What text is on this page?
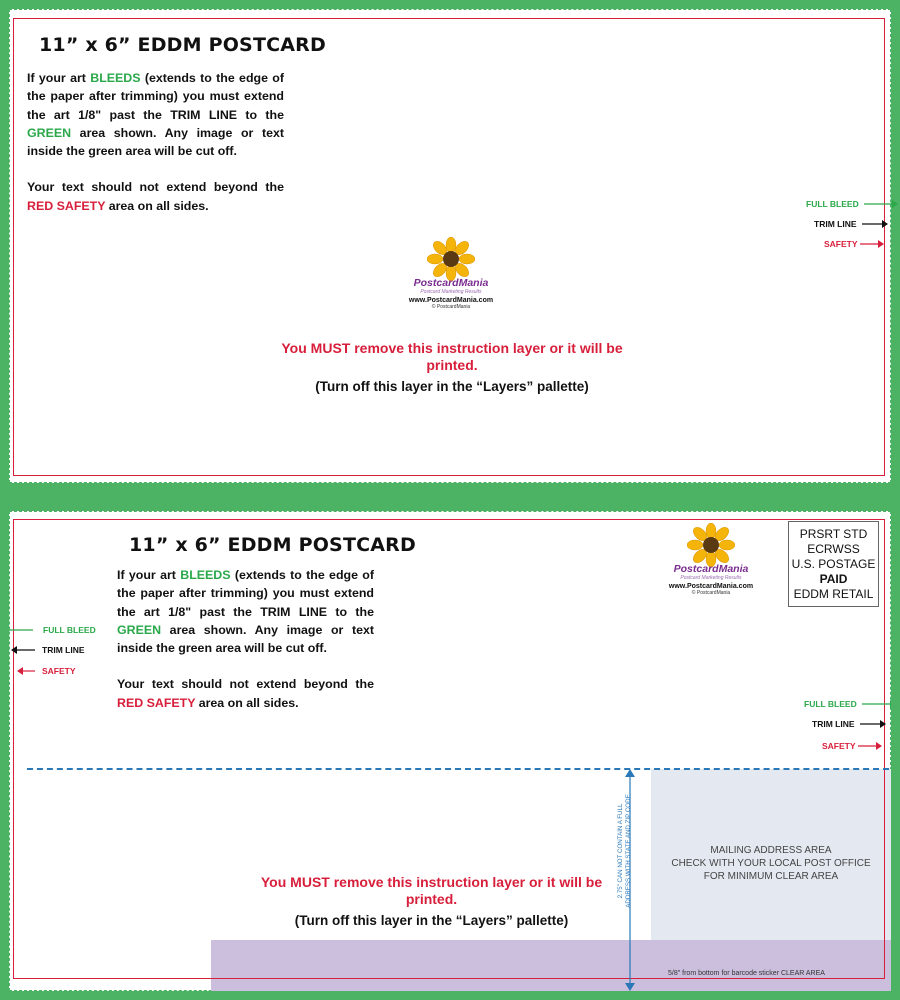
11” x 6” EDDM POSTCARD

If your art BLEEDS (extends to the edge of the paper after trimming) you must extend the art 1/8" past the TRIM LINE to the GREEN area shown. Any image or text inside the green area will be cut off.

Your text should not extend beyond the RED SAFETY area on all sides.

PostcardMania
Postcard Marketing Results
www.PostcardMania.com
© PostcardMania
FULL BLEED
TRIM LINE
SAFETY
You MUST remove this instruction layer or it will be printed.
(Turn off this layer in the “Layers” pallette)
MAILING ADDRESS AREA
CHECK WITH YOUR LOCAL POST OFFICE
FOR MINIMUM CLEAR AREA
5/8" from bottom for barcode sticker CLEAR AREA
2.75" CAN NOT CONTAIN A FULL ADDRESS WITH STATE AND ZIP CODE
11” x 6” EDDM POSTCARD

If your art BLEEDS (extends to the edge of the paper after trimming) you must extend the art 1/8" past the TRIM LINE to the GREEN area shown. Any image or text inside the green area will be cut off.

Your text should not extend beyond the RED SAFETY area on all sides.

FULL BLEED
TRIM LINE
SAFETY
PostcardMania
Postcard Marketing Results
www.PostcardMania.com
© PostcardMania
PRSRT STD
ECRWSS
U.S. POSTAGE
PAID
EDDM RETAIL
FULL BLEED
TRIM LINE
SAFETY
You MUST remove this instruction layer or it will be printed.
(Turn off this layer in the “Layers” pallette)
